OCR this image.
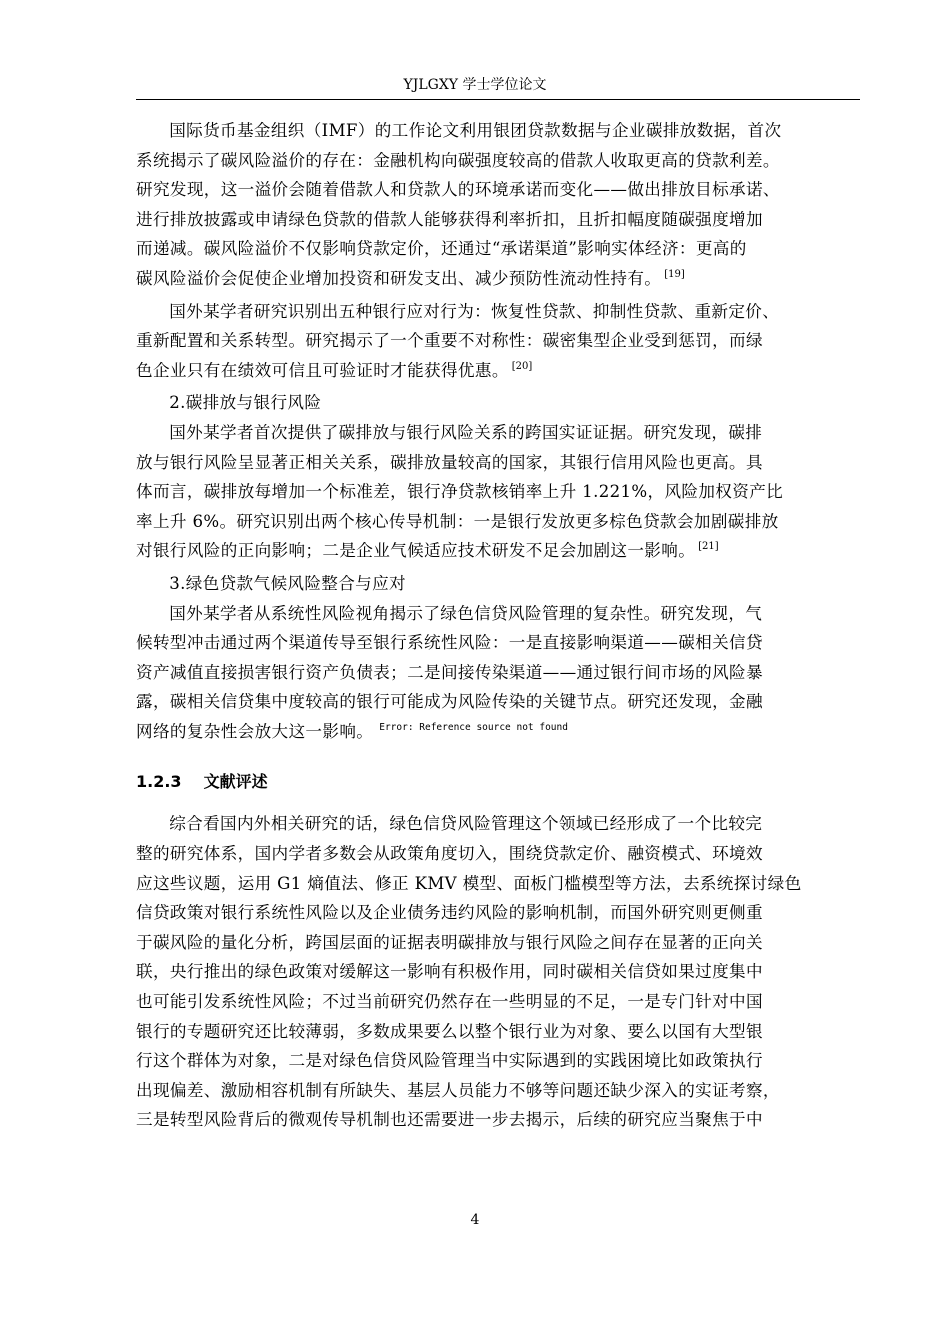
YJLGXY 学士学位论文

国际货币基金组织（IMF）的工作论文利用银团贷款数据与企业碳排放数据，首次
系统揭示了碳风险溢价的存在：金融机构向碳强度较高的借款人收取更高的贷款利差。
研究发现，这一溢价会随着借款人和贷款人的环境承诺而变化——做出排放目标承诺、
进行排放披露或申请绿色贷款的借款人能够获得利率折扣，且折扣幅度随碳强度增加
而递减。碳风险溢价不仅影响贷款定价，还通过“承诺渠道”影响实体经济：更高的
碳风险溢价会促使企业增加投资和研发支出、减少预防性流动性持有。 [19]

国外某学者研究识别出五种银行应对行为：恢复性贷款、抑制性贷款、重新定价、
重新配置和关系转型。研究揭示了一个重要不对称性：碳密集型企业受到惩罚，而绿
色企业只有在绩效可信且可验证时才能获得优惠。 [20]

2.碳排放与银行风险

国外某学者首次提供了碳排放与银行风险关系的跨国实证证据。研究发现，碳排
放与银行风险呈显著正相关关系，碳排放量较高的国家，其银行信用风险也更高。具
体而言，碳排放每增加一个标准差，银行净贷款核销率上升 1.221%，风险加权资产比
率上升 6%。研究识别出两个核心传导机制：一是银行发放更多棕色贷款会加剧碳排放
对银行风险的正向影响；二是企业气候适应技术研发不足会加剧这一影响。 [21]

3.绿色贷款气候风险整合与应对

国外某学者从系统性风险视角揭示了绿色信贷风险管理的复杂性。研究发现，气
候转型冲击通过两个渠道传导至银行系统性风险：一是直接影响渠道——碳相关信贷
资产减值直接损害银行资产负债表；二是间接传染渠道——通过银行间市场的风险暴
露，碳相关信贷集中度较高的银行可能成为风险传染的关键节点。研究还发现，金融
网络的复杂性会放大这一影响。 $^{Error: Reference source not found}$

1.2.3 文献评述

综合看国内外相关研究的话，绿色信贷风险管理这个领域已经形成了一个比较完
整的研究体系，国内学者多数会从政策角度切入，围绕贷款定价、融资模式、环境效
应这些议题，运用 G1 熵值法、修正 KMV 模型、面板门槛模型等方法，去系统探讨绿色
信贷政策对银行系统性风险以及企业债务违约风险的影响机制，而国外研究则更侧重
于碳风险的量化分析，跨国层面的证据表明碳排放与银行风险之间存在显著的正向关
联，央行推出的绿色政策对缓解这一影响有积极作用，同时碳相关信贷如果过度集中
也可能引发系统性风险；不过当前研究仍然存在一些明显的不足，一是专门针对中国
银行的专题研究还比较薄弱，多数成果要么以整个银行业为对象、要么以国有大型银
行这个群体为对象，二是对绿色信贷风险管理当中实际遇到的实践困境比如政策执行
出现偏差、激励相容机制有所缺失、基层人员能力不够等问题还缺少深入的实证考察，
三是转型风险背后的微观传导机制也还需要进一步去揭示，后续的研究应当聚焦于中

4
